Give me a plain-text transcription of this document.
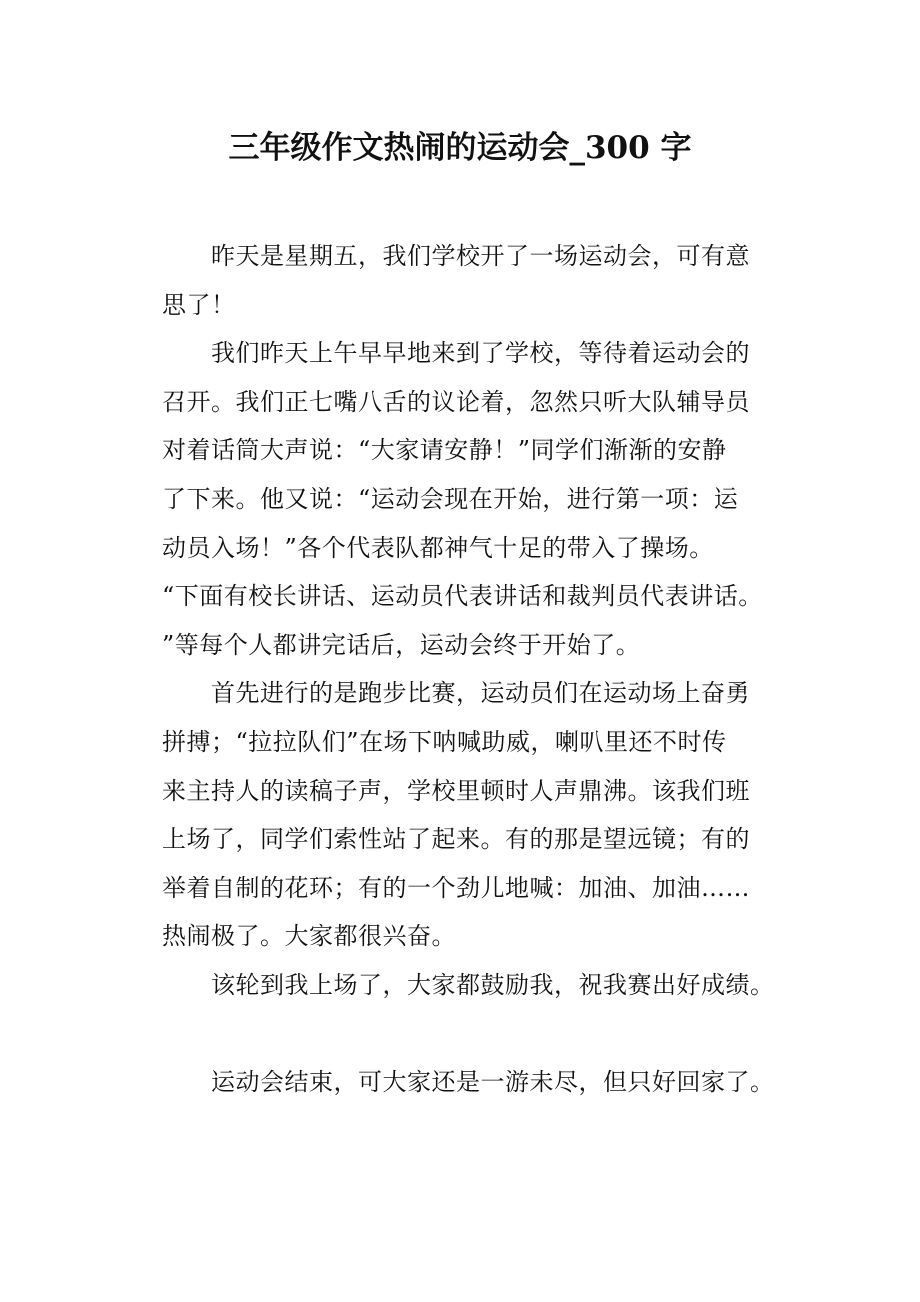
三年级作文热闹的运动会_300 字
昨天是星期五，我们学校开了一场运动会，可有意
思了！
我们昨天上午早早地来到了学校，等待着运动会的
召开。我们正七嘴八舌的议论着，忽然只听大队辅导员
对着话筒大声说：“大家请安静！”同学们渐渐的安静
了下来。他又说：“运动会现在开始，进行第一项：运
动员入场！”各个代表队都神气十足的带入了操场。
“下面有校长讲话、运动员代表讲话和裁判员代表讲话。
”等每个人都讲完话后，运动会终于开始了。
首先进行的是跑步比赛，运动员们在运动场上奋勇
拼搏；“拉拉队们”在场下呐喊助威，喇叭里还不时传
来主持人的读稿子声，学校里顿时人声鼎沸。该我们班
上场了，同学们索性站了起来。有的那是望远镜；有的
举着自制的花环；有的一个劲儿地喊：加油、加油……
热闹极了。大家都很兴奋。
该轮到我上场了，大家都鼓励我，祝我赛出好成绩。
运动会结束，可大家还是一游未尽，但只好回家了。
